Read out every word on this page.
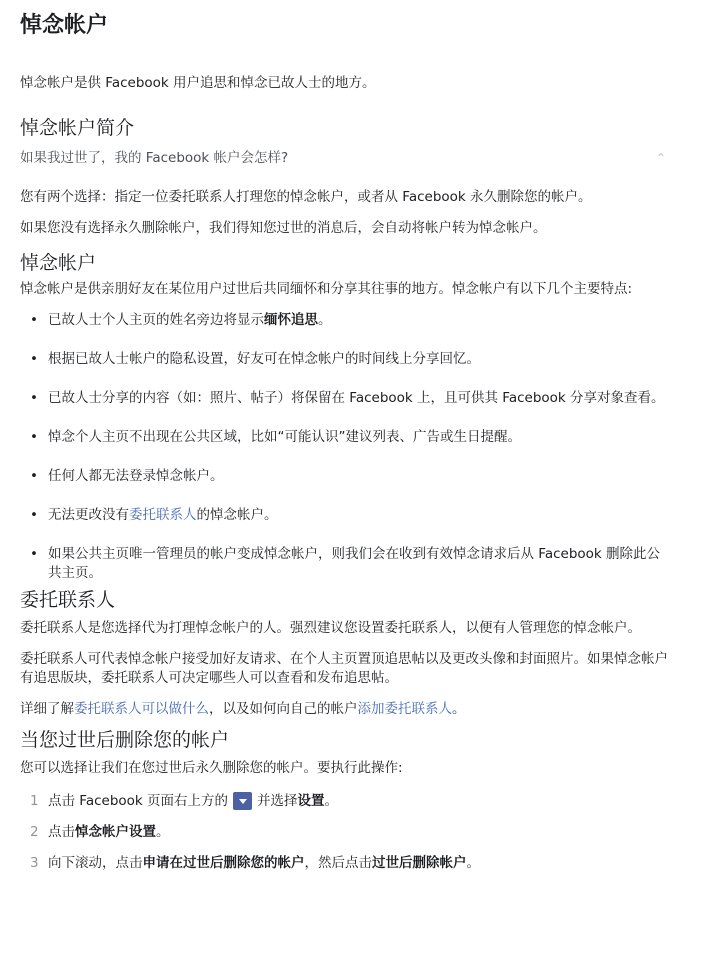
悼念帐户

悼念帐户是供 Facebook 用户追思和悼念已故人士的地方。

悼念帐户简介
如果我过世了，我的 Facebook 帐户会怎样?	⌃

您有两个选择：指定一位委托联系人打理您的悼念帐户，或者从 Facebook 永久删除您的帐户。

如果您没有选择永久删除帐户，我们得知您过世的消息后，会自动将帐户转为悼念帐户。

悼念帐户

悼念帐户是供亲朋好友在某位用户过世后共同缅怀和分享其往事的地方。悼念帐户有以下几个主要特点:

• 已故人士个人主页的姓名旁边将显示缅怀追思。
• 根据已故人士帐户的隐私设置，好友可在悼念帐户的时间线上分享回忆。
• 已故人士分享的内容（如：照片、帖子）将保留在 Facebook 上，且可供其 Facebook 分享对象查看。
• 悼念个人主页不出现在公共区域，比如“可能认识”建议列表、广告或生日提醒。
• 任何人都无法登录悼念帐户。
• 无法更改没有委托联系人的悼念帐户。
• 如果公共主页唯一管理员的帐户变成悼念帐户，则我们会在收到有效悼念请求后从 Facebook 删除此公共主页。
委托联系人

委托联系人是您选择代为打理悼念帐户的人。强烈建议您设置委托联系人，以便有人管理您的悼念帐户。

委托联系人可代表悼念帐户接受加好友请求、在个人主页置顶追思帖以及更改头像和封面照片。如果悼念帐户有追思版块，委托联系人可决定哪些人可以查看和发布追思帖。

详细了解委托联系人可以做什么，以及如何向自己的帐户添加委托联系人。

当您过世后删除您的帐户

您可以选择让我们在您过世后永久删除您的帐户。要执行此操作:

1 点击 Facebook 页面右上方的 并选择设置。
2 点击悼念帐户设置。
3 向下滚动，点击申请在过世后删除您的帐户，然后点击过世后删除帐户。
